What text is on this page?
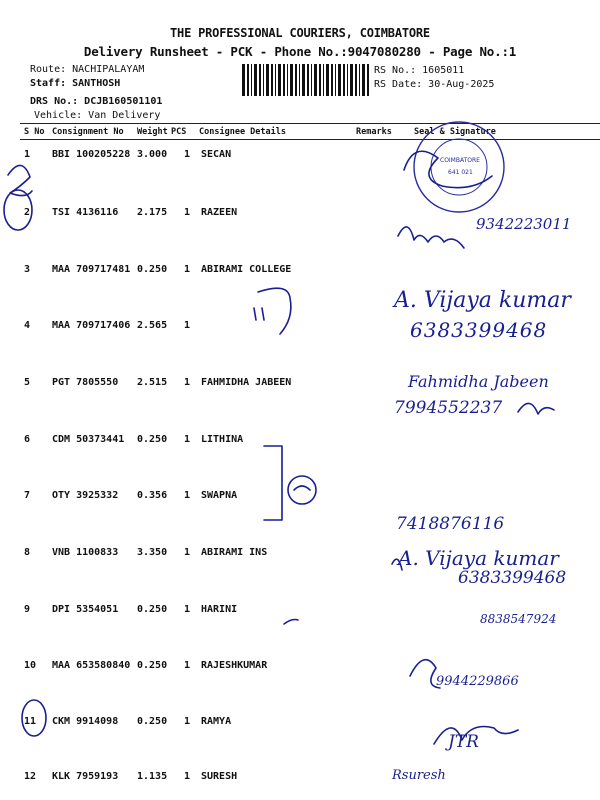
THE PROFESSIONAL COURIERS, COIMBATORE
Delivery Runsheet - PCK - Phone No.:9047080280 - Page No.:1
Route: NACHIPALAYAM
Staff: SANTHOSH
DRS No.: DCJB160501101
Vehicle: Van Delivery
RS No.: 1605011
RS Date: 30-Aug-2025
S No Consignment No Weight PCS Consignee Details	Remarks	Seal & Signature
1 BBI 100205228 3.000 1 SECAN
2 TSI 4136116 2.175 1 RAZEEN
3 MAA 709717481 0.250 1 ABIRAMI COLLEGE
4 MAA 709717406 2.565 1
5 PGT 7805550 2.515 1 FAHMIDHA JABEEN
6 CDM 50373441 0.250 1 LITHINA
7 OTY 3925332 0.356 1 SWAPNA
8 VNB 1100833 3.350 1 ABIRAMI INS
9 DPI 5354051 0.250 1 HARINI
10 MAA 653580840 0.250 1 RAJESHKUMAR
11 CKM 9914098 0.250 1 RAMYA
12 KLK 7959193 1.135 1 SURESH
COIMBATORE
641 021
9342223011
A. Vijaya kumar
6383399468
Fahmidha Jabeen
7994552237
7418876116
A. Vijaya kumar
6383399468
8838547924
9944229866
JTR
Rsuresh
